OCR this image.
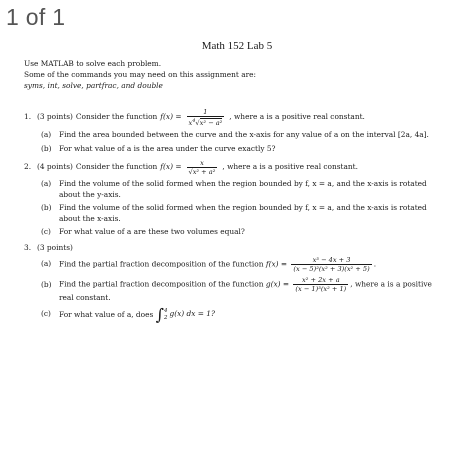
1 of 1
Math 152 Lab 5
Use MATLAB to solve each problem.
Some of the commands you may need on this assignment are:
syms, int, solve, partfrac, and double
1. (3 points) Consider the function $f(x) = \frac{1}{x^4√x^2 - a^2}$ , where a is a positive real constant.
(a)	Find the area bounded between the curve and the x-axis for any value of a on the interval [2a, 4a].
(b)	For what value of a is the area under the curve exactly 5?
2. (4 points) Consider the function $f(x) = \frac{x}{\text{√x² + a²}}$ , where a is a positive real constant.
(a)	Find the volume of the solid formed when the region bounded by f, x = a, and the x-axis is rotated about the y-axis.
(b)	Find the volume of the solid formed when the region bounded by f, x = a, and the x-axis is rotated about the x-axis.
(c)	For what value of a are these two volumes equal?
3. (3 points)
(a)	Find the partial fraction decomposition of the function $f(x) = \frac{\text{x³ − 4x + 3}}{\text{(x − 5)²(x² + 3)(x² + 5)}}$ .
(b)	Find the partial fraction decomposition of the function $g(x) = \frac{\text{x² + 2x + a}}{\text{(x − 1)³(x² + 1)}}$ , where a is a positive real constant.
(c)	For what value of a, does ∫ 4
2 g(x) dx = 1?
